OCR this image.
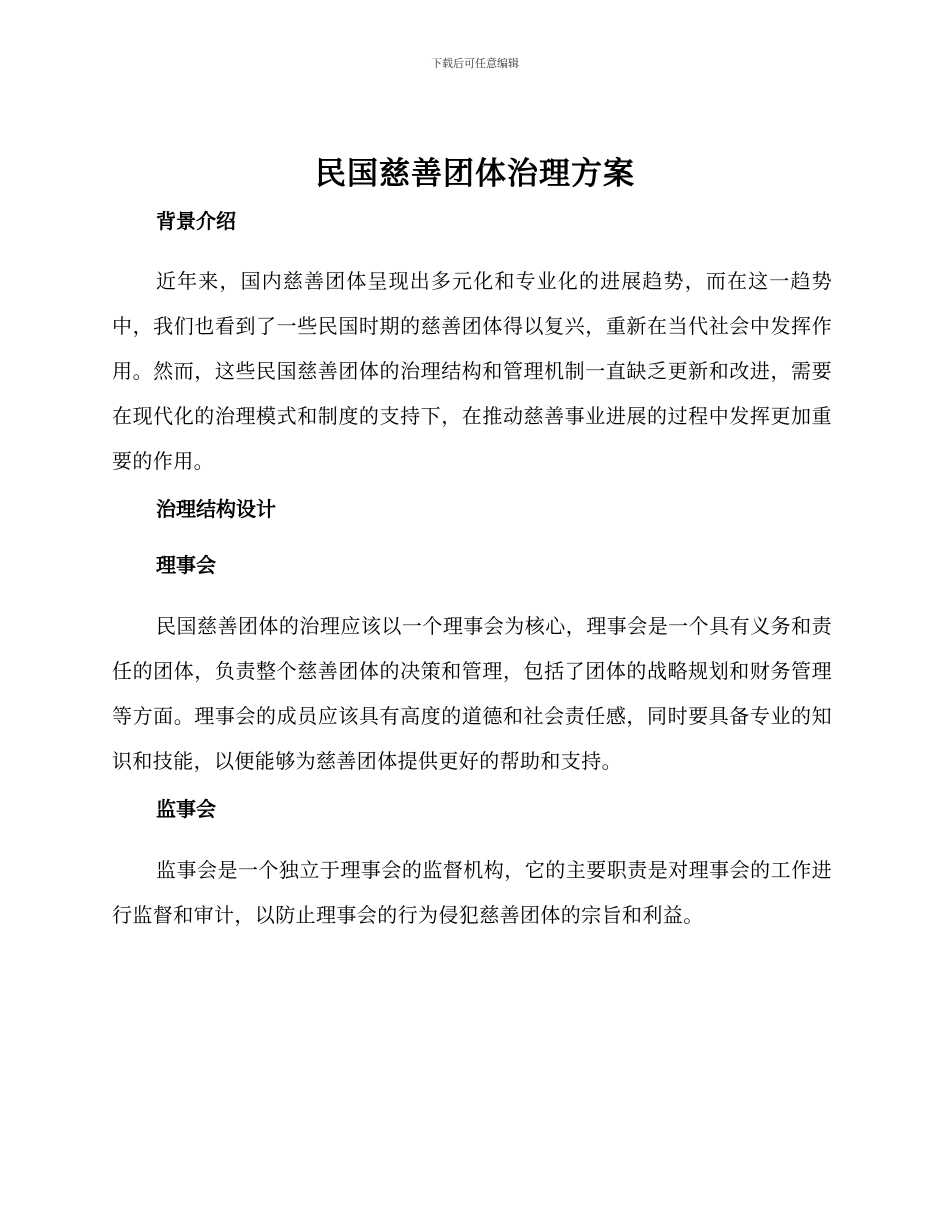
下载后可任意编辑
民国慈善团体治理方案
背景介绍

近年来，国内慈善团体呈现出多元化和专业化的进展趋势，而在这一趋势中，我们也看到了一些民国时期的慈善团体得以复兴，重新在当代社会中发挥作用。然而，这些民国慈善团体的治理结构和管理机制一直缺乏更新和改进，需要在现代化的治理模式和制度的支持下，在推动慈善事业进展的过程中发挥更加重要的作用。

治理结构设计
理事会

民国慈善团体的治理应该以一个理事会为核心，理事会是一个具有义务和责任的团体，负责整个慈善团体的决策和管理，包括了团体的战略规划和财务管理等方面。理事会的成员应该具有高度的道德和社会责任感，同时要具备专业的知识和技能，以便能够为慈善团体提供更好的帮助和支持。

监事会

监事会是一个独立于理事会的监督机构，它的主要职责是对理事会的工作进行监督和审计，以防止理事会的行为侵犯慈善团体的宗旨和利益。
